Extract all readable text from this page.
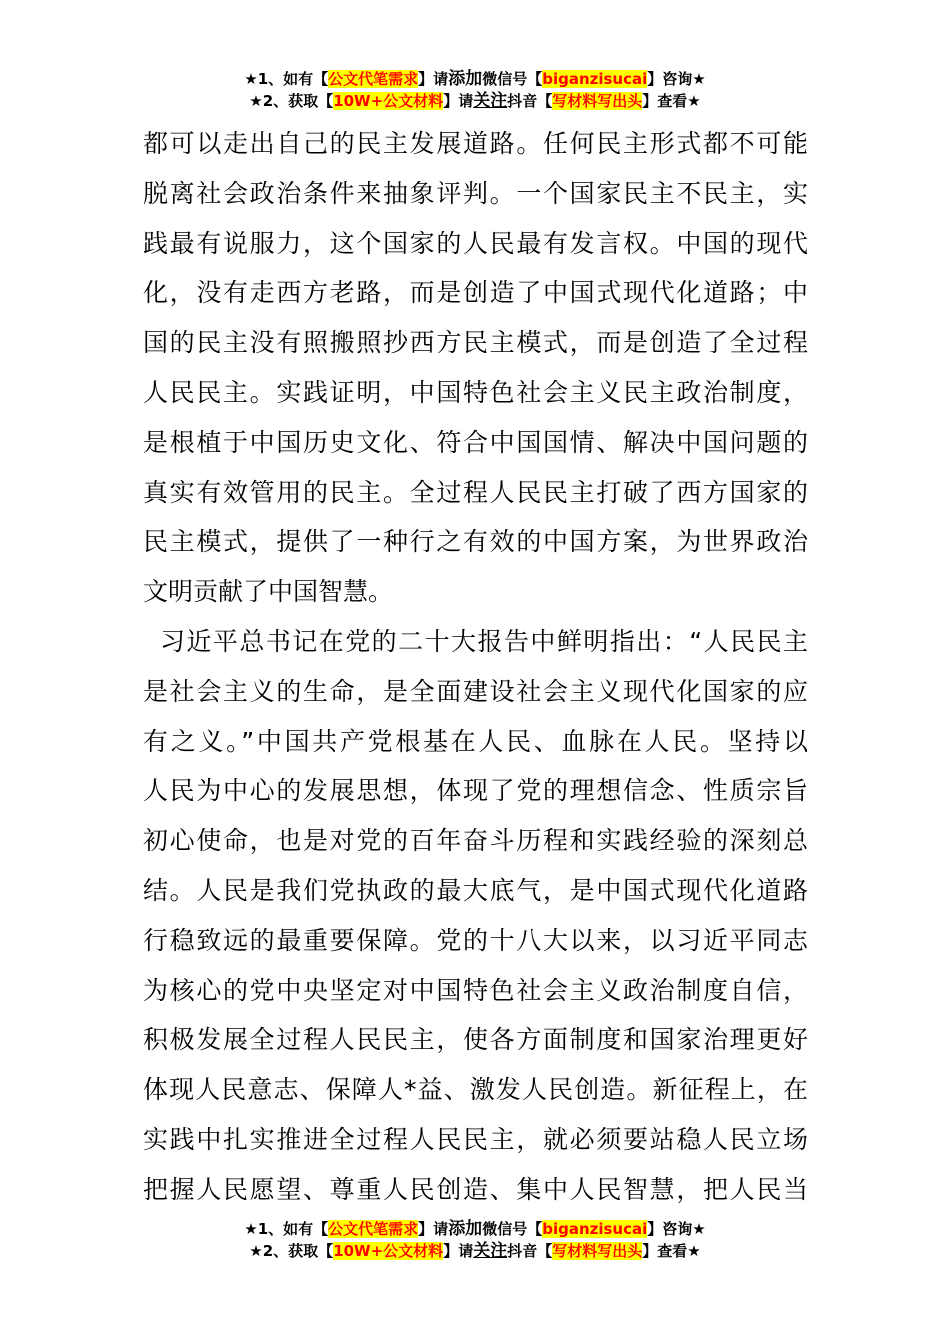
★1、如有【公文代笔需求】请添加微信号【biganzisucai】咨询★
★2、获取【10W+公文材料】请关注抖音【写材料写出头】查看★
都可以走出自己的民主发展道路。任何民主形式都不可能
脱离社会政治条件来抽象评判。一个国家民主不民主，实
践最有说服力，这个国家的人民最有发言权。中国的现代
化，没有走西方老路，而是创造了中国式现代化道路；中
国的民主没有照搬照抄西方民主模式，而是创造了全过程
人民民主。实践证明，中国特色社会主义民主政治制度，
是根植于中国历史文化、符合中国国情、解决中国问题的
真实有效管用的民主。全过程人民民主打破了西方国家的
民主模式，提供了一种行之有效的中国方案，为世界政治
文明贡献了中国智慧。
习近平总书记在党的二十大报告中鲜明指出：“人民民主
是社会主义的生命，是全面建设社会主义现代化国家的应
有之义。”中国共产党根基在人民、血脉在人民。坚持以
人民为中心的发展思想，体现了党的理想信念、性质宗旨
初心使命，也是对党的百年奋斗历程和实践经验的深刻总
结。人民是我们党执政的最大底气，是中国式现代化道路
行稳致远的最重要保障。党的十八大以来，以习近平同志
为核心的党中央坚定对中国特色社会主义政治制度自信，
积极发展全过程人民民主，使各方面制度和国家治理更好
体现人民意志、保障人*益、激发人民创造。新征程上，在
实践中扎实推进全过程人民民主，就必须要站稳人民立场
把握人民愿望、尊重人民创造、集中人民智慧，把人民当
★1、如有【公文代笔需求】请添加微信号【biganzisucai】咨询★
★2、获取【10W+公文材料】请关注抖音【写材料写出头】查看★
